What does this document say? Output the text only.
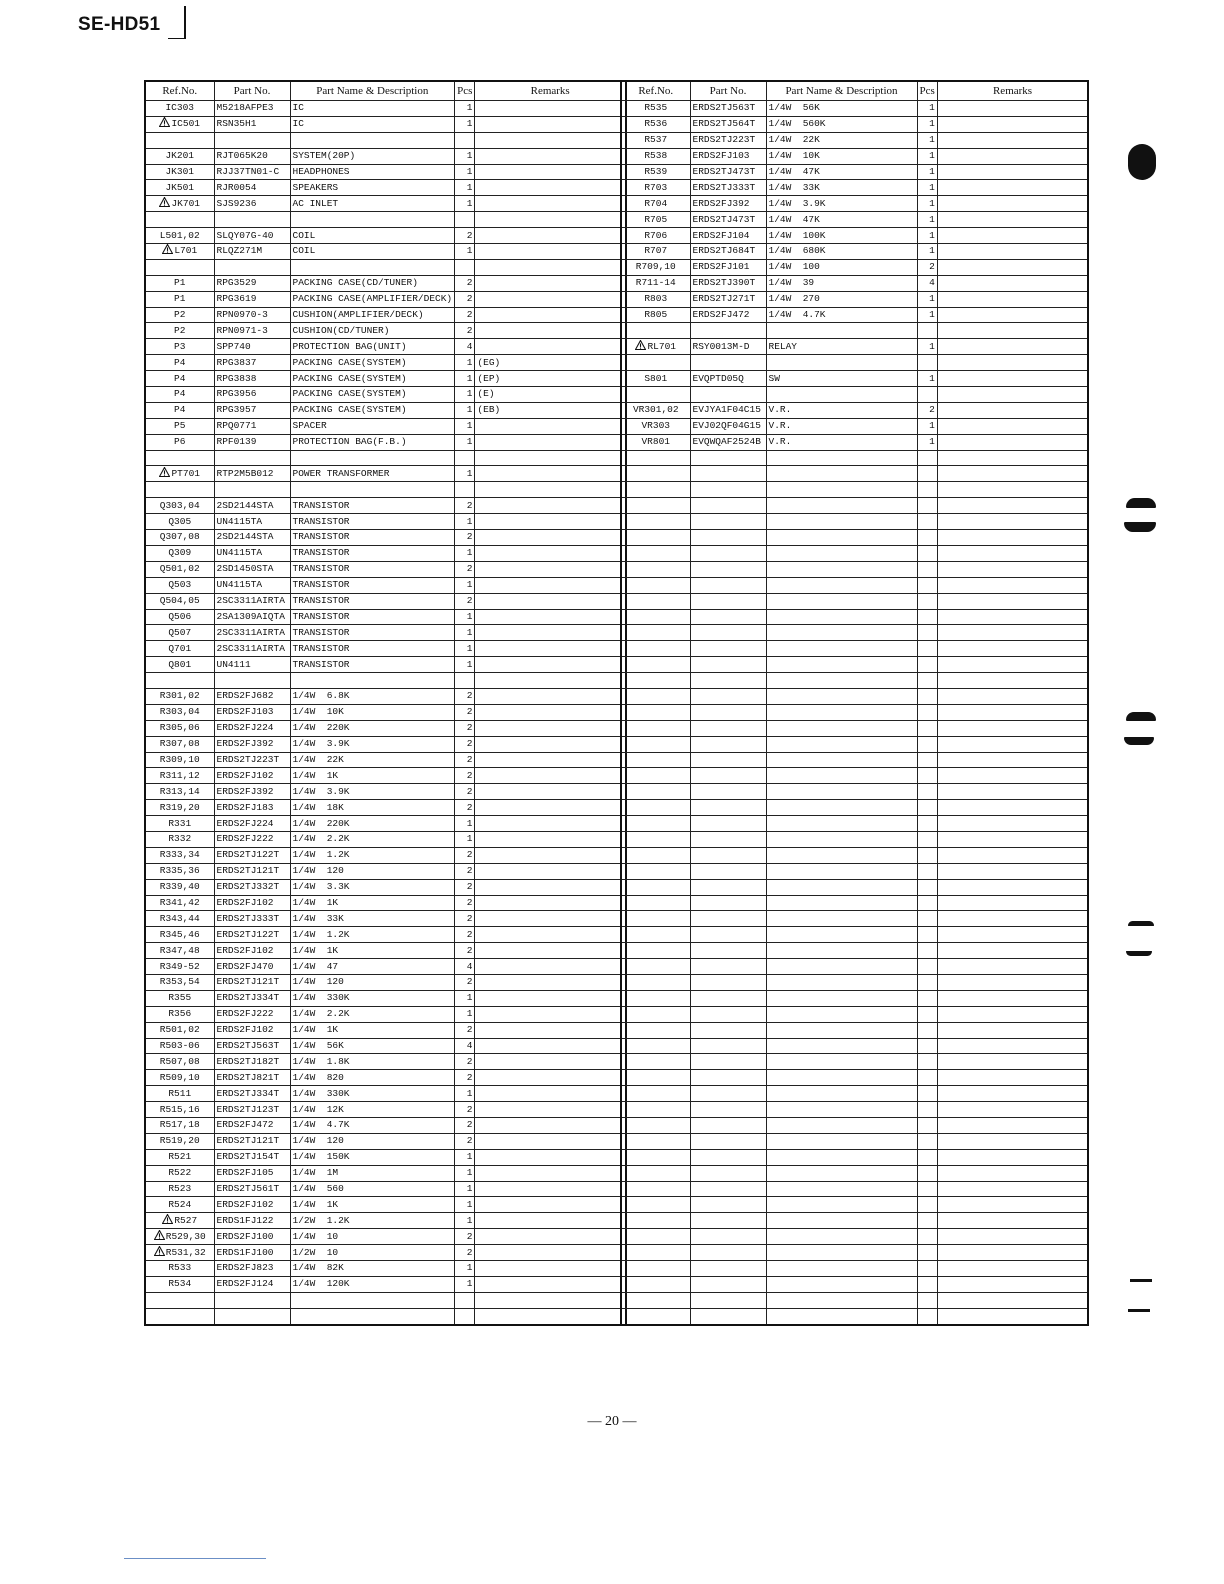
SE-HD51
Ref.No.	Part No.	Part Name & Description	Pcs	Remarks
IC303	M5218AFPE3	IC	1	
IC501	RSN35H1	IC	1	

JK201	RJT065K20	SYSTEM(20P)	1	
JK301	RJJ37TN01-C	HEADPHONES	1	
JK501	RJR0054	SPEAKERS	1	
JK701	SJS9236	AC INLET	1	

L501,02	SLQY07G-40	COIL	2	
L701	RLQZ271M	COIL	1	

P1	RPG3529	PACKING CASE(CD/TUNER)	2	
P1	RPG3619	PACKING CASE(AMPLIFIER/DECK)	2	
P2	RPN0970-3	CUSHION(AMPLIFIER/DECK)	2	
P2	RPN0971-3	CUSHION(CD/TUNER)	2	
P3	SPP740	PROTECTION BAG(UNIT)	4	
P4	RPG3837	PACKING CASE(SYSTEM)	1	(EG)
P4	RPG3838	PACKING CASE(SYSTEM)	1	(EP)
P4	RPG3956	PACKING CASE(SYSTEM)	1	(E)
P4	RPG3957	PACKING CASE(SYSTEM)	1	(EB)
P5	RPQ0771	SPACER	1	
P6	RPF0139	PROTECTION BAG(F.B.)	1	

PT701	RTP2M5B012	POWER TRANSFORMER	1	

Q303,04	2SD2144STA	TRANSISTOR	2	
Q305	UN4115TA	TRANSISTOR	1	
Q307,08	2SD2144STA	TRANSISTOR	2	
Q309	UN4115TA	TRANSISTOR	1	
Q501,02	2SD1450STA	TRANSISTOR	2	
Q503	UN4115TA	TRANSISTOR	1	
Q504,05	2SC3311AIRTA	TRANSISTOR	2	
Q506	2SA1309AIQTA	TRANSISTOR	1	
Q507	2SC3311AIRTA	TRANSISTOR	1	
Q701	2SC3311AIRTA	TRANSISTOR	1	
Q801	UN4111	TRANSISTOR	1	

R301,02	ERDS2FJ682	1/4W  6.8K	2	
R303,04	ERDS2FJ103	1/4W  10K	2	
R305,06	ERDS2FJ224	1/4W  220K	2	
R307,08	ERDS2FJ392	1/4W  3.9K	2	
R309,10	ERDS2TJ223T	1/4W  22K	2	
R311,12	ERDS2FJ102	1/4W  1K	2	
R313,14	ERDS2FJ392	1/4W  3.9K	2	
R319,20	ERDS2FJ183	1/4W  18K	2	
R331	ERDS2FJ224	1/4W  220K	1	
R332	ERDS2FJ222	1/4W  2.2K	1	
R333,34	ERDS2TJ122T	1/4W  1.2K	2	
R335,36	ERDS2TJ121T	1/4W  120	2	
R339,40	ERDS2TJ332T	1/4W  3.3K	2	
R341,42	ERDS2FJ102	1/4W  1K	2	
R343,44	ERDS2TJ333T	1/4W  33K	2	
R345,46	ERDS2TJ122T	1/4W  1.2K	2	
R347,48	ERDS2FJ102	1/4W  1K	2	
R349-52	ERDS2FJ470	1/4W  47	4	
R353,54	ERDS2TJ121T	1/4W  120	2	
R355	ERDS2TJ334T	1/4W  330K	1	
R356	ERDS2FJ222	1/4W  2.2K	1	
R501,02	ERDS2FJ102	1/4W  1K	2	
R503-06	ERDS2TJ563T	1/4W  56K	4	
R507,08	ERDS2TJ182T	1/4W  1.8K	2	
R509,10	ERDS2TJ821T	1/4W  820	2	
R511	ERDS2TJ334T	1/4W  330K	1	
R515,16	ERDS2TJ123T	1/4W  12K	2	
R517,18	ERDS2FJ472	1/4W  4.7K	2	
R519,20	ERDS2TJ121T	1/4W  120	2	
R521	ERDS2TJ154T	1/4W  150K	1	
R522	ERDS2FJ105	1/4W  1M	1	
R523	ERDS2TJ561T	1/4W  560	1	
R524	ERDS2FJ102	1/4W  1K	1	
R527	ERDS1FJ122	1/2W  1.2K	1	
R529,30	ERDS2FJ100	1/4W  10	2	
R531,32	ERDS1FJ100	1/2W  10	2	
R533	ERDS2FJ823	1/4W  82K	1	
R534	ERDS2FJ124	1/4W  120K	1	

Ref.No.	Part No.	Part Name & Description	Pcs	Remarks
R535	ERDS2TJ563T	1/4W  56K	1	
R536	ERDS2TJ564T	1/4W  560K	1	
R537	ERDS2TJ223T	1/4W  22K	1	
R538	ERDS2FJ103	1/4W  10K	1	
R539	ERDS2TJ473T	1/4W  47K	1	
R703	ERDS2TJ333T	1/4W  33K	1	
R704	ERDS2FJ392	1/4W  3.9K	1	
R705	ERDS2TJ473T	1/4W  47K	1	
R706	ERDS2FJ104	1/4W  100K	1	
R707	ERDS2TJ684T	1/4W  680K	1	
R709,10	ERDS2FJ101	1/4W  100	2	
R711-14	ERDS2TJ390T	1/4W  39	4	
R803	ERDS2TJ271T	1/4W  270	1	
R805	ERDS2FJ472	1/4W  4.7K	1	

RL701	RSY0013M-D	RELAY	1	

S801	EVQPTD05Q	SW	1	

VR301,02	EVJYA1F04C15	V.R.	2	
VR303	EVJ02QF04G15	V.R.	1	
VR801	EVQWQAF2524B	V.R.	1	

— 20 —
